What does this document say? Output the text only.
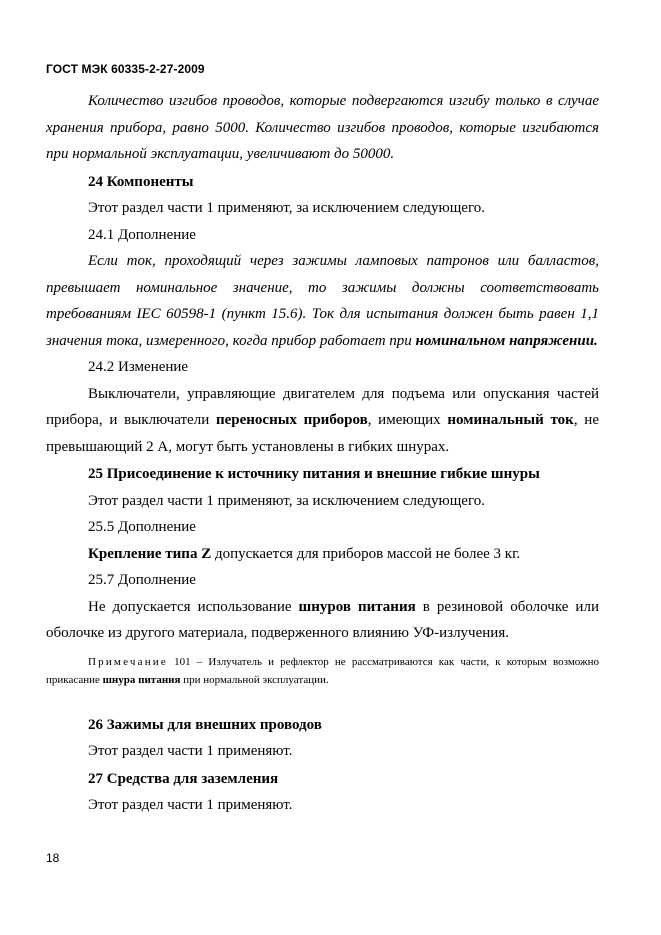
ГОСТ МЭК 60335-2-27-2009

Количество изгибов проводов, которые подвергаются изгибу только в случае хранения прибора, равно 5000. Количество изгибов проводов, которые изгибаются при нормальной эксплуатации, увеличивают до 50000.

24 Компоненты

Этот раздел части 1 применяют, за исключением следующего.

24.1 Дополнение

Если ток, проходящий через зажимы ламповых патронов или балластов, превышает номинальное значение, то зажимы должны соответствовать требованиям IEC 60598-1 (пункт 15.6). Ток для испытания должен быть равен 1,1 значения тока, измеренного, когда прибор работает при номинальном напряжении.

24.2 Изменение

Выключатели, управляющие двигателем для подъема или опускания частей прибора, и выключатели переносных приборов, имеющих номинальный ток, не превышающий 2 А, могут быть установлены в гибких шнурах.

25 Присоединение к источнику питания и внешние гибкие шнуры

Этот раздел части 1 применяют, за исключением следующего.

25.5 Дополнение

Крепление типа Z допускается для приборов массой не более 3 кг.

25.7 Дополнение

Не допускается использование шнуров питания в резиновой оболочке или оболочке из другого материала, подверженного влиянию УФ-излучения.

Примечание 101 – Излучатель и рефлектор не рассматриваются как части, к которым возможно прикасание шнура питания при нормальной эксплуатации.

26 Зажимы для внешних проводов

Этот раздел части 1 применяют.

27 Средства для заземления

Этот раздел части 1 применяют.

18
